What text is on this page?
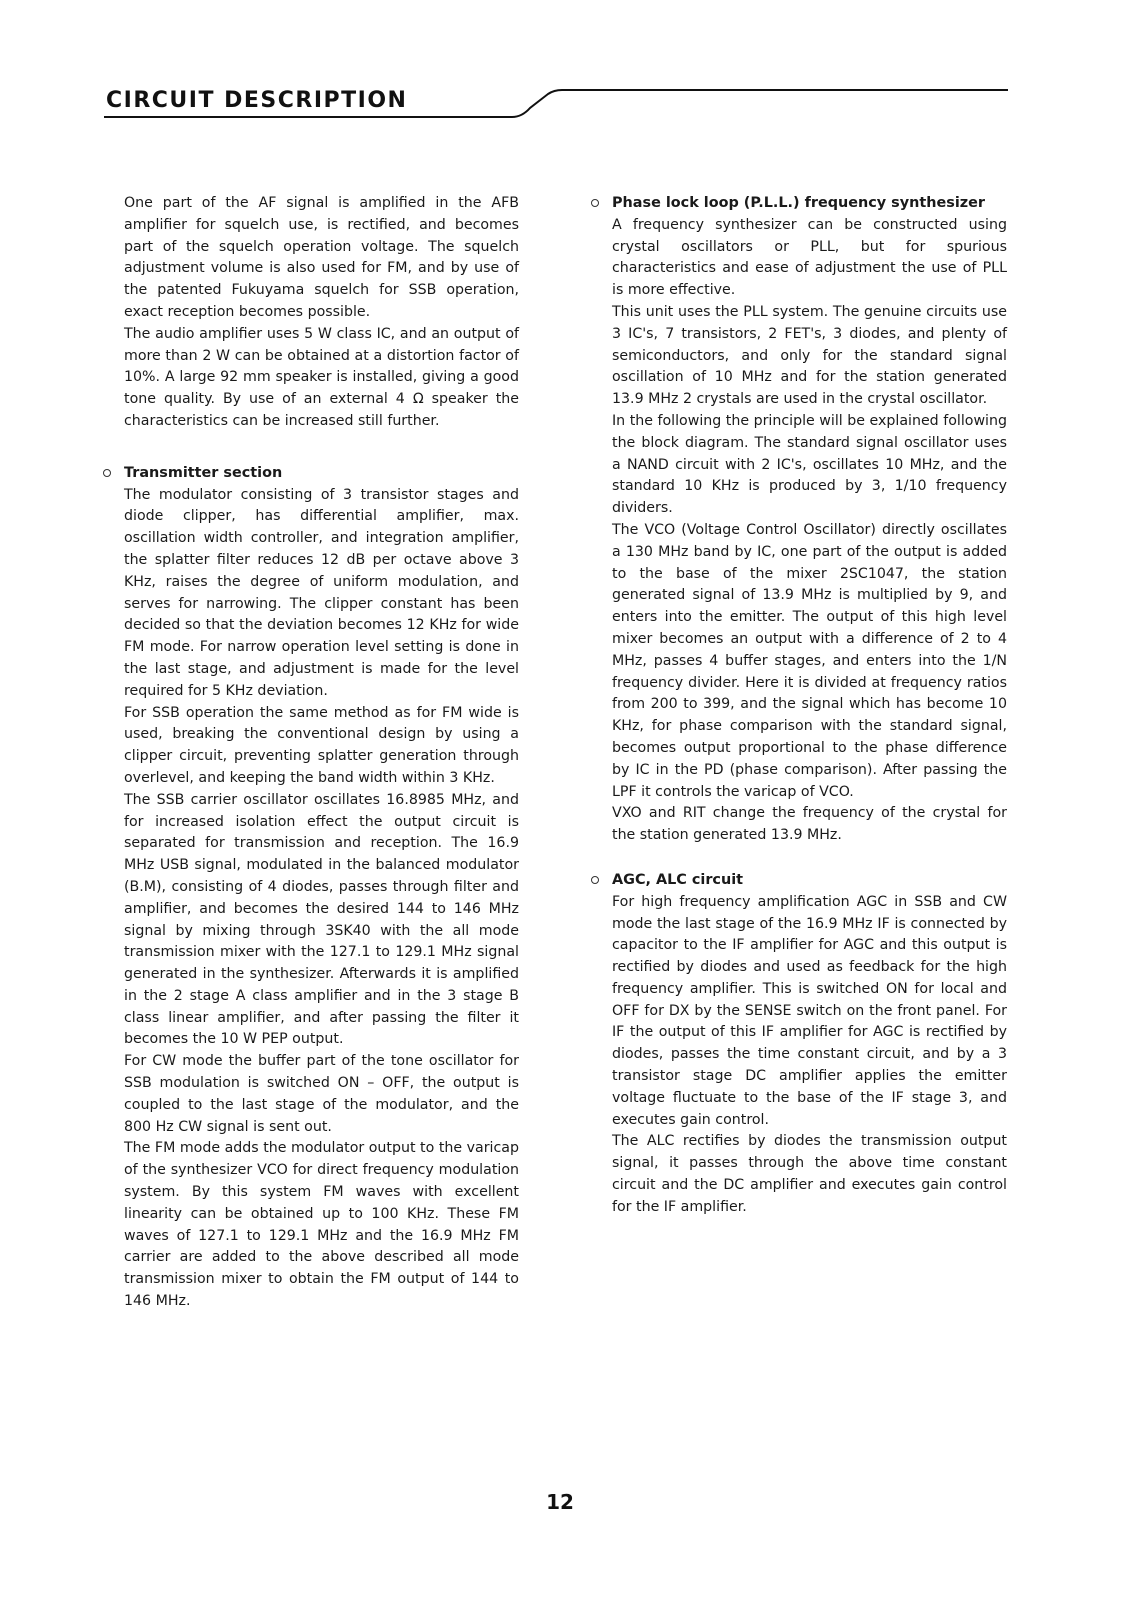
CIRCUIT DESCRIPTION

One part of the AF signal is amplified in the AFB amplifier for squelch use, is rectified, and becomes part of the squelch operation voltage. The squelch adjustment volume is also used for FM, and by use of the patented Fukuyama squelch for SSB operation, exact reception becomes possible.

The audio amplifier uses 5 W class IC, and an output of more than 2 W can be obtained at a distortion factor of 10%. A large 92 mm speaker is installed, giving a good tone quality. By use of an external 4 Ω speaker the characteristics can be increased still further.

Transmitter section

The modulator consisting of 3 transistor stages and diode clipper, has differential amplifier, max. oscillation width controller, and integration amplifier, the splatter filter reduces 12 dB per octave above 3 KHz, raises the degree of uniform modulation, and serves for narrowing. The clipper constant has been decided so that the deviation becomes 12 KHz for wide FM mode. For narrow operation level setting is done in the last stage, and adjustment is made for the level required for 5 KHz deviation.

For SSB operation the same method as for FM wide is used, breaking the conventional design by using a clipper circuit, preventing splatter generation through overlevel, and keeping the band width within 3 KHz.

The SSB carrier oscillator oscillates 16.8985 MHz, and for increased isolation effect the output circuit is separated for transmission and reception. The 16.9 MHz USB signal, modulated in the balanced modulator (B.M), consisting of 4 diodes, passes through filter and amplifier, and becomes the desired 144 to 146 MHz signal by mixing through 3SK40 with the all mode transmission mixer with the 127.1 to 129.1 MHz signal generated in the synthesizer. Afterwards it is amplified in the 2 stage A class amplifier and in the 3 stage B class linear amplifier, and after passing the filter it becomes the 10 W PEP output.

For CW mode the buffer part of the tone oscillator for SSB modulation is switched ON – OFF, the output is coupled to the last stage of the modulator, and the 800 Hz CW signal is sent out.

The FM mode adds the modulator output to the varicap of the synthesizer VCO for direct frequency modulation system. By this system FM waves with excellent linearity can be obtained up to 100 KHz. These FM waves of 127.1 to 129.1 MHz and the 16.9 MHz FM carrier are added to the above described all mode transmission mixer to obtain the FM output of 144 to 146 MHz.

Phase lock loop (P.L.L.) frequency synthesizer

A frequency synthesizer can be constructed using crystal oscillators or PLL, but for spurious characteristics and ease of adjustment the use of PLL is more effective.

This unit uses the PLL system. The genuine circuits use 3 IC's, 7 transistors, 2 FET's, 3 diodes, and plenty of semiconductors, and only for the standard signal oscillation of 10 MHz and for the station generated 13.9 MHz 2 crystals are used in the crystal oscillator.

In the following the principle will be explained following the block diagram. The standard signal oscillator uses a NAND circuit with 2 IC's, oscillates 10 MHz, and the standard 10 KHz is produced by 3, 1/10 frequency dividers.

The VCO (Voltage Control Oscillator) directly oscillates a 130 MHz band by IC, one part of the output is added to the base of the mixer 2SC1047, the station generated signal of 13.9 MHz is multiplied by 9, and enters into the emitter. The output of this high level mixer becomes an output with a difference of 2 to 4 MHz, passes 4 buffer stages, and enters into the 1/N frequency divider. Here it is divided at frequency ratios from 200 to 399, and the signal which has become 10 KHz, for phase comparison with the standard signal, becomes output proportional to the phase difference by IC in the PD (phase comparison). After passing the LPF it controls the varicap of VCO.

VXO and RIT change the frequency of the crystal for the station generated 13.9 MHz.

AGC, ALC circuit

For high frequency amplification AGC in SSB and CW mode the last stage of the 16.9 MHz IF is connected by capacitor to the IF amplifier for AGC and this output is rectified by diodes and used as feedback for the high frequency amplifier. This is switched ON for local and OFF for DX by the SENSE switch on the front panel. For IF the output of this IF amplifier for AGC is rectified by diodes, passes the time constant circuit, and by a 3 transistor stage DC amplifier applies the emitter voltage fluctuate to the base of the IF stage 3, and executes gain control.

The ALC rectifies by diodes the transmission output signal, it passes through the above time constant circuit and the DC amplifier and executes gain control for the IF amplifier.

12
